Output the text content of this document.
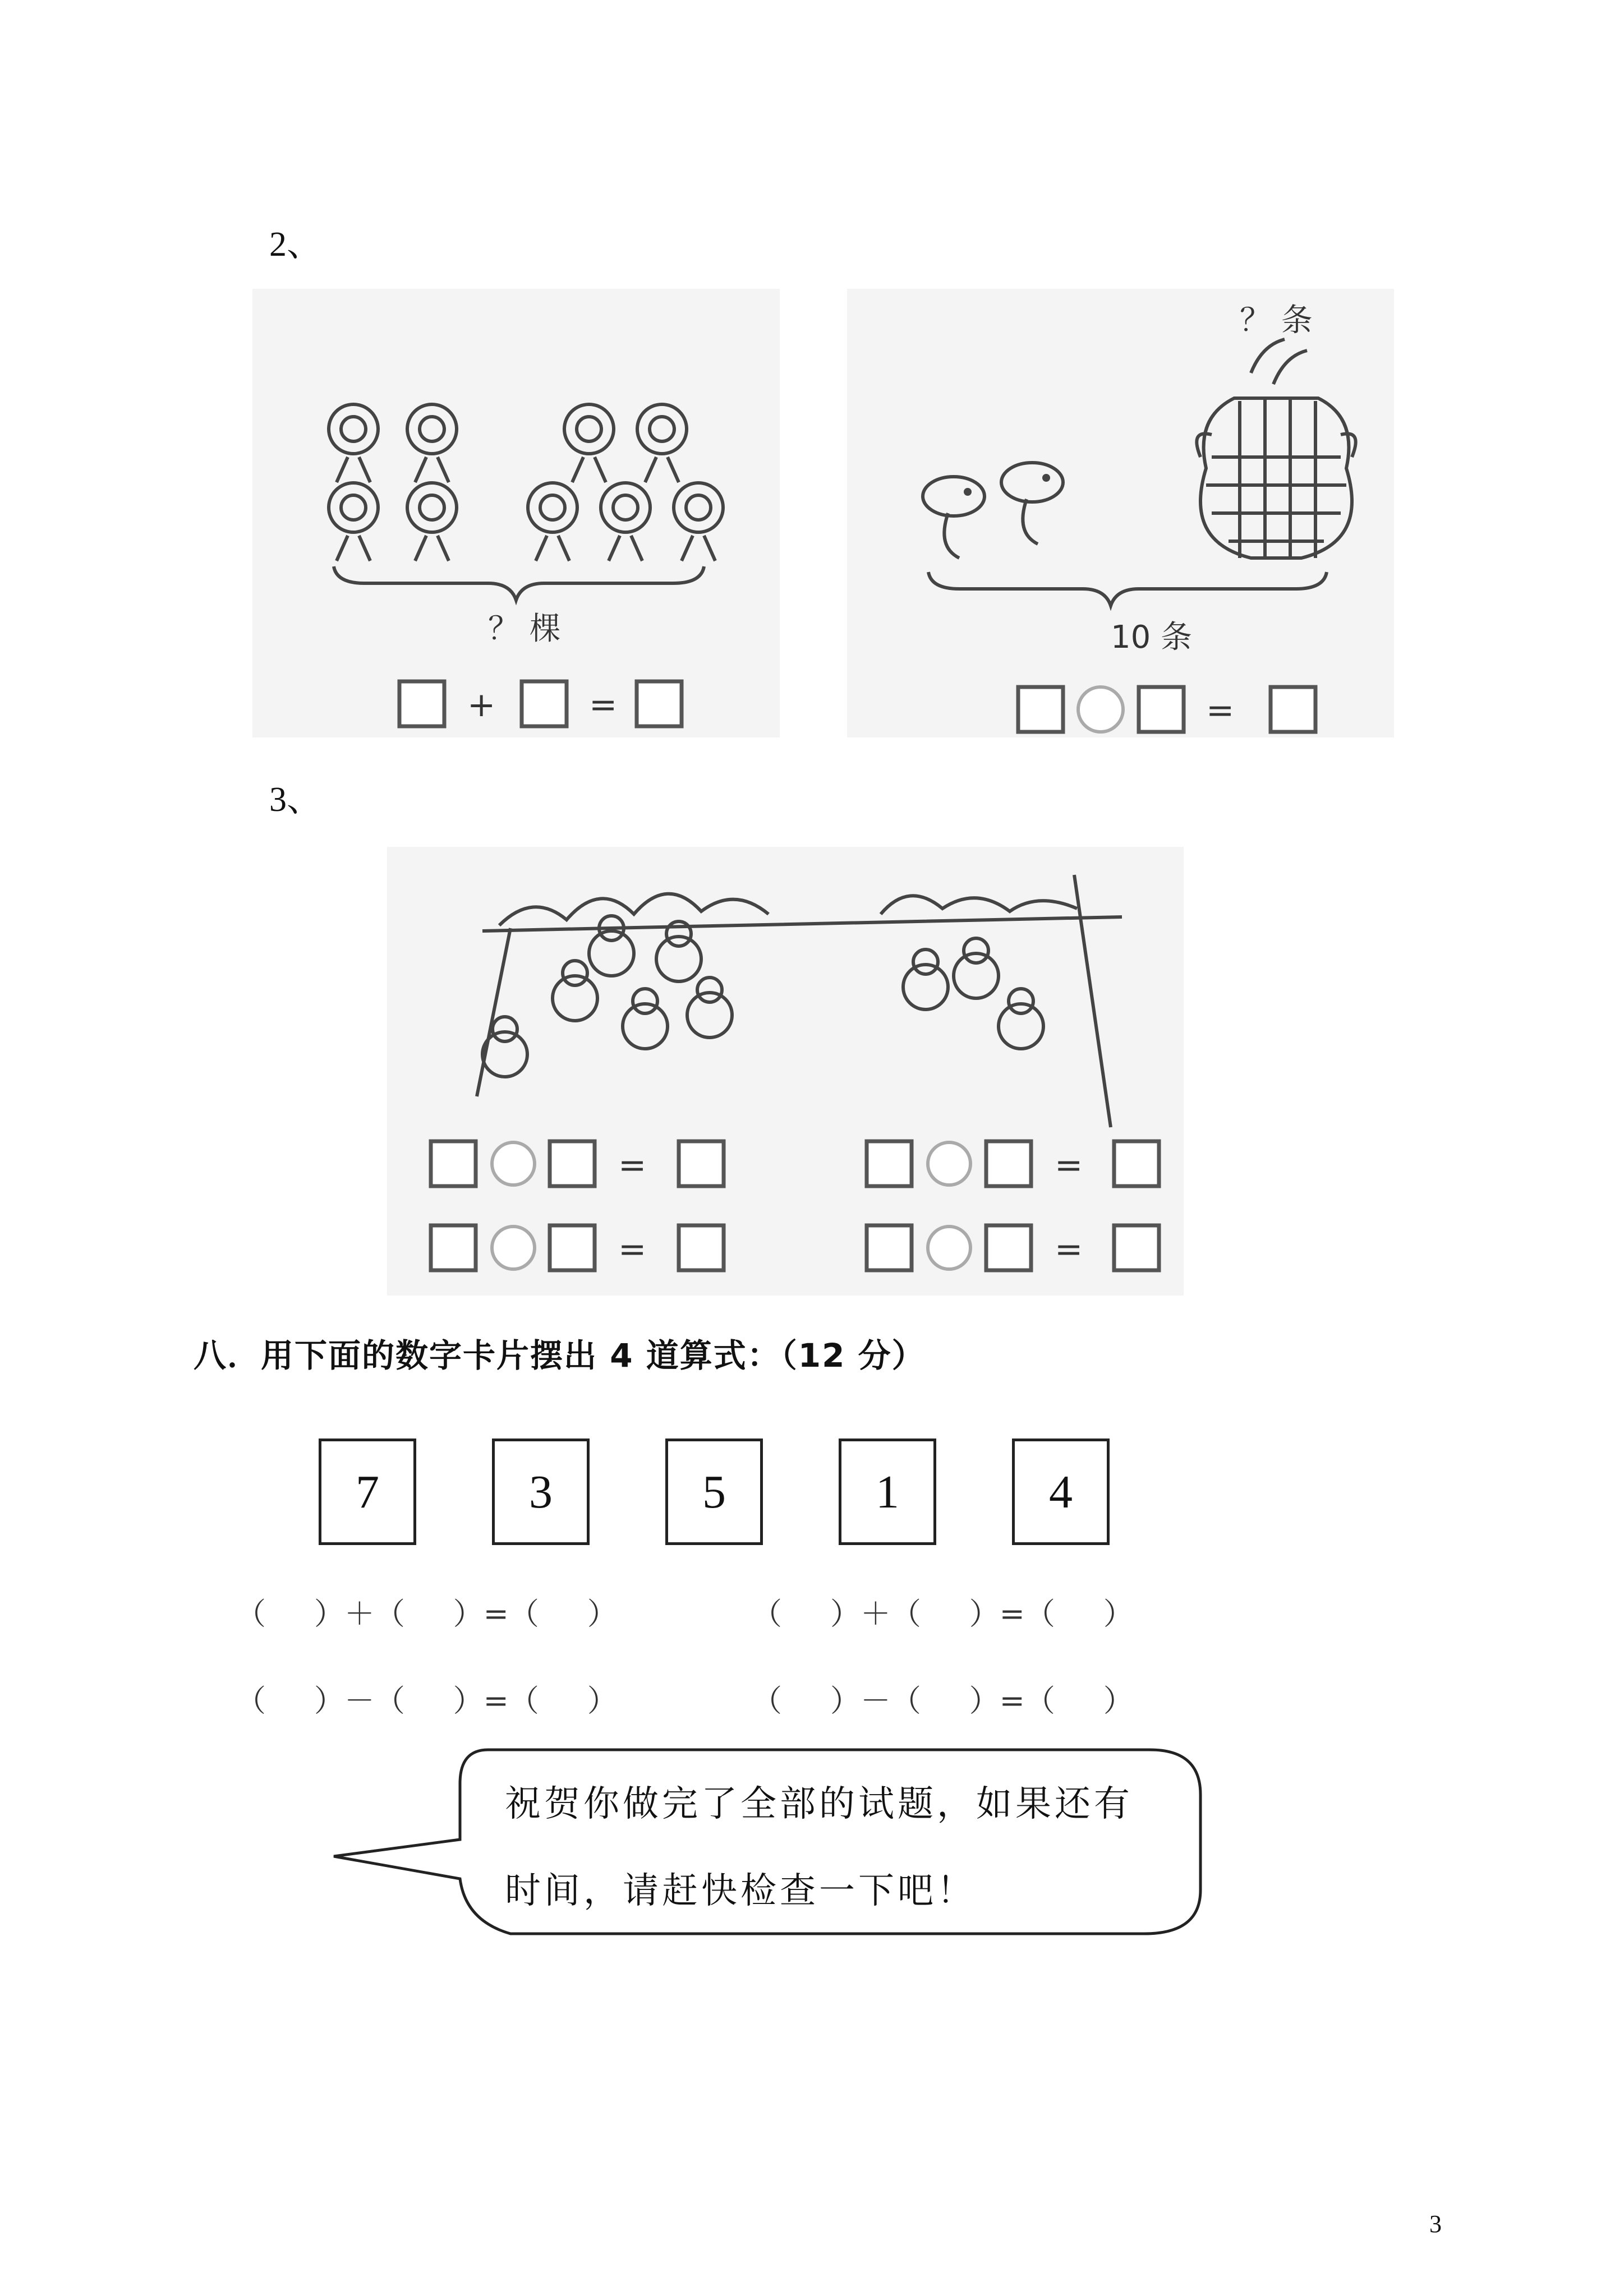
2、
？ 棵
+	=
？ 条
10 条
=
3、
=	=
=	=
八．用下面的数字卡片摆出 4 道算式：（12 分）
7	3	5	1	4
（     ）＋（     ）=（     ）	（     ）＋（     ）=（     ）
（     ）－（     ）=（     ）	（     ）－（     ）=（     ）
祝贺你做完了全部的试题，如果还有
时间，请赶快检查一下吧！
3
